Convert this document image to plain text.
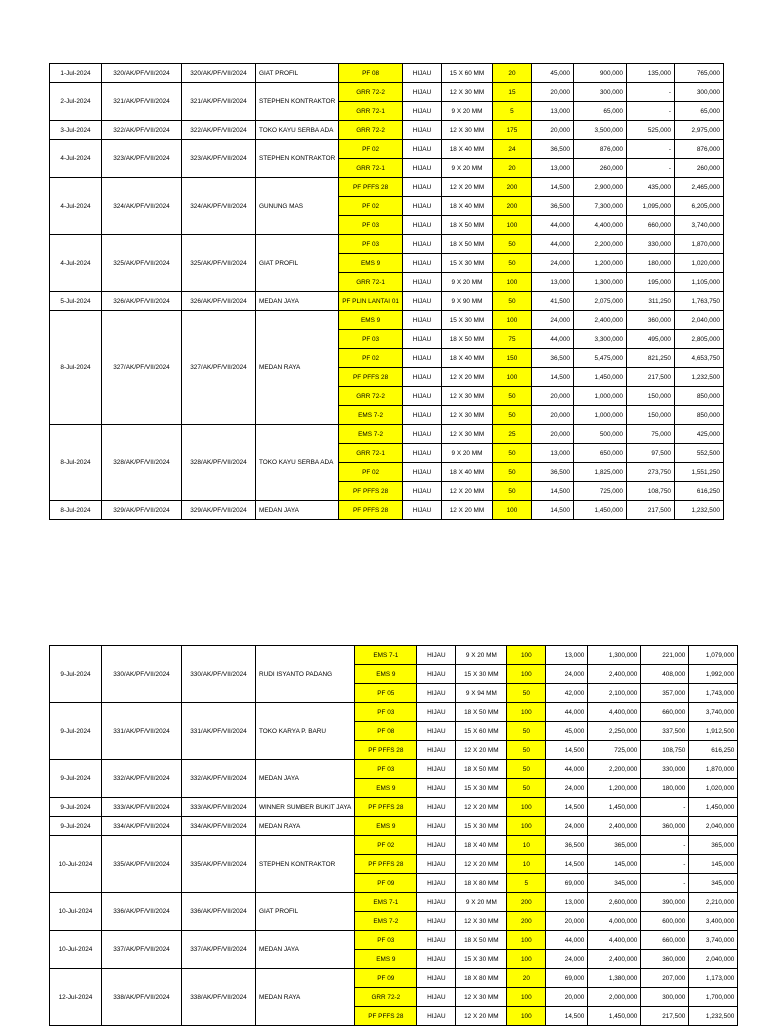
1-Jul-2024	320/AK/PF/VII/2024	320/AK/PF/VII/2024	GIAT PROFIL	PF 08	HIJAU	15 X 60 MM	20	45,000	900,000	135,000	765,000
2-Jul-2024	321/AK/PF/VII/2024	321/AK/PF/VII/2024	STEPHEN KONTRAKTOR	GRR 72-2	HIJAU	12 X 30 MM	15	20,000	300,000	-	300,000
				GRR 72-1	HIJAU	9 X 20 MM	5	13,000	65,000	-	65,000
3-Jul-2024	322/AK/PF/VII/2024	322/AK/PF/VII/2024	TOKO KAYU SERBA ADA	GRR 72-2	HIJAU	12 X 30 MM	175	20,000	3,500,000	525,000	2,975,000
4-Jul-2024	323/AK/PF/VII/2024	323/AK/PF/VII/2024	STEPHEN KONTRAKTOR	PF 02	HIJAU	18 X 40 MM	24	36,500	876,000	-	876,000
				GRR 72-1	HIJAU	9 X 20 MM	20	13,000	260,000	-	260,000
4-Jul-2024	324/AK/PF/VII/2024	324/AK/PF/VII/2024	GUNUNG MAS	PF PFFS 28	HIJAU	12 X 20 MM	200	14,500	2,900,000	435,000	2,465,000
				PF 02	HIJAU	18 X 40 MM	200	36,500	7,300,000	1,095,000	6,205,000
				PF 03	HIJAU	18 X 50 MM	100	44,000	4,400,000	660,000	3,740,000
4-Jul-2024	325/AK/PF/VII/2024	325/AK/PF/VII/2024	GIAT PROFIL	PF 03	HIJAU	18 X 50 MM	50	44,000	2,200,000	330,000	1,870,000
				EMS 9	HIJAU	15 X 30 MM	50	24,000	1,200,000	180,000	1,020,000
				GRR 72-1	HIJAU	9 X 20 MM	100	13,000	1,300,000	195,000	1,105,000
5-Jul-2024	326/AK/PF/VII/2024	326/AK/PF/VII/2024	MEDAN JAYA	PF PLIN LANTAI 01	HIJAU	9 X 90 MM	50	41,500	2,075,000	311,250	1,763,750
8-Jul-2024	327/AK/PF/VII/2024	327/AK/PF/VII/2024	MEDAN RAYA	EMS 9	HIJAU	15 X 30 MM	100	24,000	2,400,000	360,000	2,040,000
				PF 03	HIJAU	18 X 50 MM	75	44,000	3,300,000	495,000	2,805,000
				PF 02	HIJAU	18 X 40 MM	150	36,500	5,475,000	821,250	4,653,750
				PF PFFS 28	HIJAU	12 X 20 MM	100	14,500	1,450,000	217,500	1,232,500
				GRR 72-2	HIJAU	12 X 30 MM	50	20,000	1,000,000	150,000	850,000
				EMS 7-2	HIJAU	12 X 30 MM	50	20,000	1,000,000	150,000	850,000
8-Jul-2024	328/AK/PF/VII/2024	328/AK/PF/VII/2024	TOKO KAYU SERBA ADA	EMS 7-2	HIJAU	12 X 30 MM	25	20,000	500,000	75,000	425,000
				GRR 72-1	HIJAU	9 X 20 MM	50	13,000	650,000	97,500	552,500
				PF 02	HIJAU	18 X 40 MM	50	36,500	1,825,000	273,750	1,551,250
				PF PFFS 28	HIJAU	12 X 20 MM	50	14,500	725,000	108,750	616,250
8-Jul-2024	329/AK/PF/VII/2024	329/AK/PF/VII/2024	MEDAN JAYA	PF PFFS 28	HIJAU	12 X 20 MM	100	14,500	1,450,000	217,500	1,232,500
9-Jul-2024	330/AK/PF/VII/2024	330/AK/PF/VII/2024	RUDI ISYANTO PADANG	EMS 7-1	HIJAU	9 X 20 MM	100	13,000	1,300,000	221,000	1,079,000
				EMS 9	HIJAU	15 X 30 MM	100	24,000	2,400,000	408,000	1,992,000
				PF 05	HIJAU	9 X 94 MM	50	42,000	2,100,000	357,000	1,743,000
9-Jul-2024	331/AK/PF/VII/2024	331/AK/PF/VII/2024	TOKO KARYA P. BARU	PF 03	HIJAU	18 X 50 MM	100	44,000	4,400,000	660,000	3,740,000
				PF 08	HIJAU	15 X 60 MM	50	45,000	2,250,000	337,500	1,912,500
				PF PFFS 28	HIJAU	12 X 20 MM	50	14,500	725,000	108,750	616,250
9-Jul-2024	332/AK/PF/VII/2024	332/AK/PF/VII/2024	MEDAN JAYA	PF 03	HIJAU	18 X 50 MM	50	44,000	2,200,000	330,000	1,870,000
				EMS 9	HIJAU	15 X 30 MM	50	24,000	1,200,000	180,000	1,020,000
9-Jul-2024	333/AK/PF/VII/2024	333/AK/PF/VII/2024	WINNER SUMBER BUKIT JAYA	PF PFFS 28	HIJAU	12 X 20 MM	100	14,500	1,450,000	-	1,450,000
9-Jul-2024	334/AK/PF/VII/2024	334/AK/PF/VII/2024	MEDAN RAYA	EMS 9	HIJAU	15 X 30 MM	100	24,000	2,400,000	360,000	2,040,000
10-Jul-2024	335/AK/PF/VII/2024	335/AK/PF/VII/2024	STEPHEN KONTRAKTOR	PF 02	HIJAU	18 X 40 MM	10	36,500	365,000	-	365,000
				PF PFFS 28	HIJAU	12 X 20 MM	10	14,500	145,000	-	145,000
				PF 09	HIJAU	18 X 80 MM	5	69,000	345,000	-	345,000
10-Jul-2024	336/AK/PF/VII/2024	336/AK/PF/VII/2024	GIAT PROFIL	EMS 7-1	HIJAU	9 X 20 MM	200	13,000	2,600,000	390,000	2,210,000
				EMS 7-2	HIJAU	12 X 30 MM	200	20,000	4,000,000	600,000	3,400,000
10-Jul-2024	337/AK/PF/VII/2024	337/AK/PF/VII/2024	MEDAN JAYA	PF 03	HIJAU	18 X 50 MM	100	44,000	4,400,000	660,000	3,740,000
				EMS 9	HIJAU	15 X 30 MM	100	24,000	2,400,000	360,000	2,040,000
12-Jul-2024	338/AK/PF/VII/2024	338/AK/PF/VII/2024	MEDAN RAYA	PF 09	HIJAU	18 X 80 MM	20	69,000	1,380,000	207,000	1,173,000
				GRR 72-2	HIJAU	12 X 30 MM	100	20,000	2,000,000	300,000	1,700,000
				PF PFFS 28	HIJAU	12 X 20 MM	100	14,500	1,450,000	217,500	1,232,500
